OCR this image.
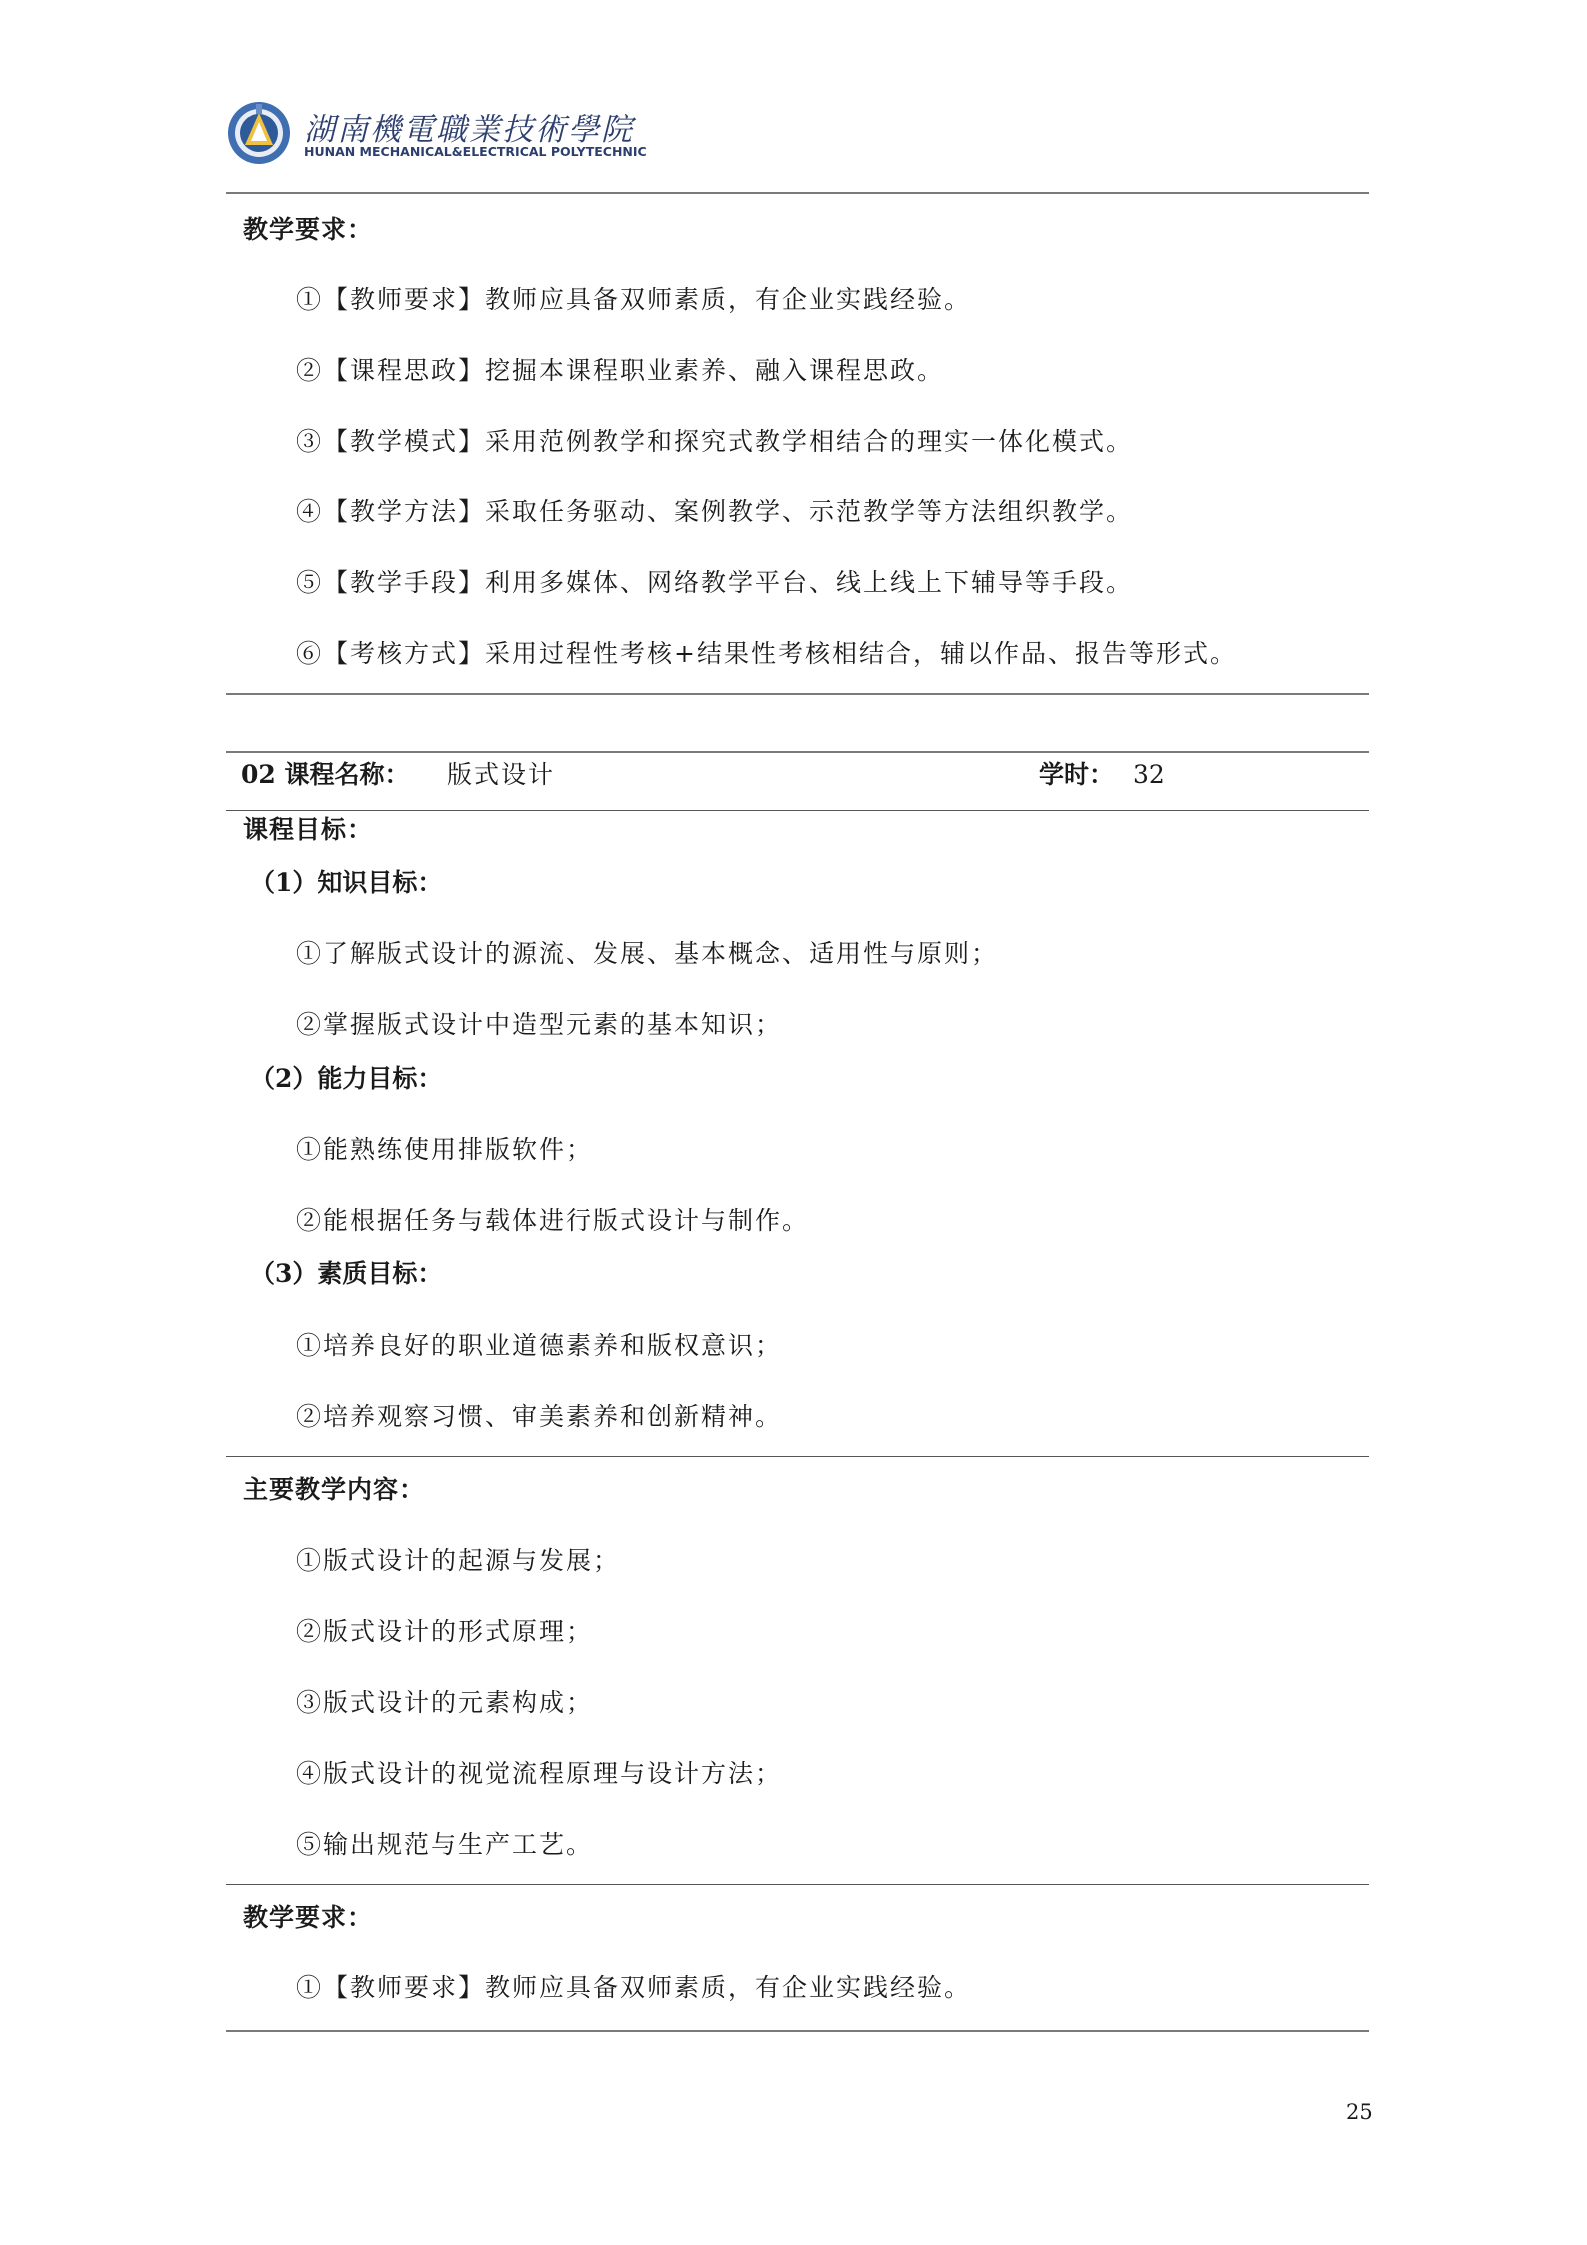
湖南機電職業技術學院
HUNAN MECHANICAL&ELECTRICAL POLYTECHNIC
教学要求：
①【教师要求】教师应具备双师素质，有企业实践经验。
②【课程思政】挖掘本课程职业素养、融入课程思政。
③【教学模式】采用范例教学和探究式教学相结合的理实一体化模式。
④【教学方法】采取任务驱动、案例教学、示范教学等方法组织教学。
⑤【教学手段】利用多媒体、网络教学平台、线上线上下辅导等手段。
⑥【考核方式】采用过程性考核+结果性考核相结合，辅以作品、报告等形式。
02 课程名称： 版式设计	学时： 32
课程目标：
（1）知识目标：
①了解版式设计的源流、发展、基本概念、适用性与原则；
②掌握版式设计中造型元素的基本知识；
（2）能力目标：
①能熟练使用排版软件；
②能根据任务与载体进行版式设计与制作。
（3）素质目标：
①培养良好的职业道德素养和版权意识；
②培养观察习惯、审美素养和创新精神。
主要教学内容：
①版式设计的起源与发展；
②版式设计的形式原理；
③版式设计的元素构成；
④版式设计的视觉流程原理与设计方法；
⑤输出规范与生产工艺。
教学要求：
①【教师要求】教师应具备双师素质，有企业实践经验。
25
